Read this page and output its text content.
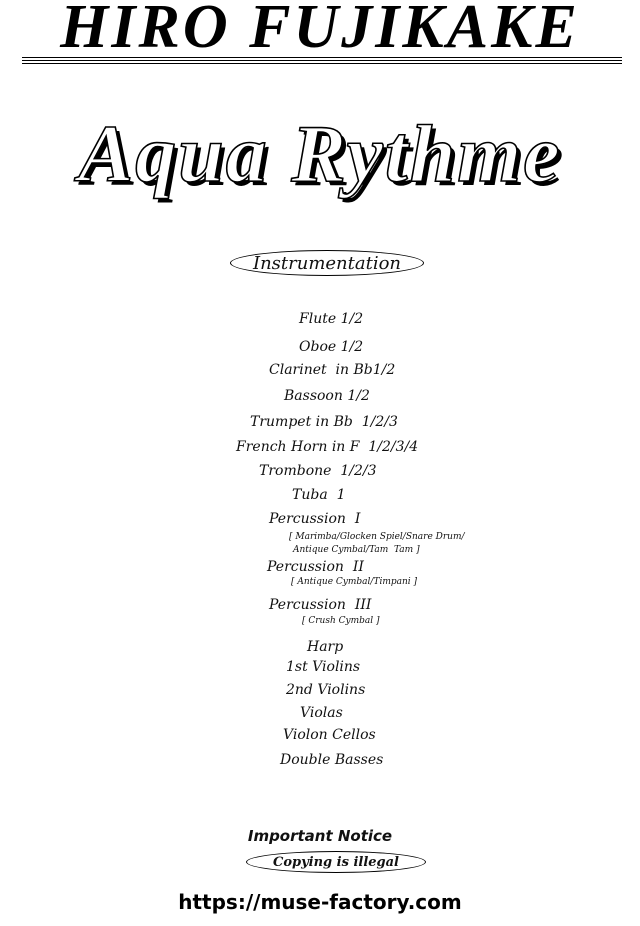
HIRO FUJIKAKE
Aqua Rythme
Instrumentation
Flute 1/2
Oboe 1/2
Clarinet  in Bb1/2
Bassoon 1/2
Trumpet in Bb  1/2/3
French Horn in F  1/2/3/4
Trombone  1/2/3
Tuba  1
Percussion  I
[ Marimba/Glocken Spiel/Snare Drum/
Antique Cymbal/Tam  Tam ]
Percussion  II
[ Antique Cymbal/Timpani ]
Percussion  III
[ Crush Cymbal ]
Harp
1st Violins
2nd Violins
Violas
Violon Cellos
Double Basses
Important Notice
Copying is illegal
https://muse-factory.com
